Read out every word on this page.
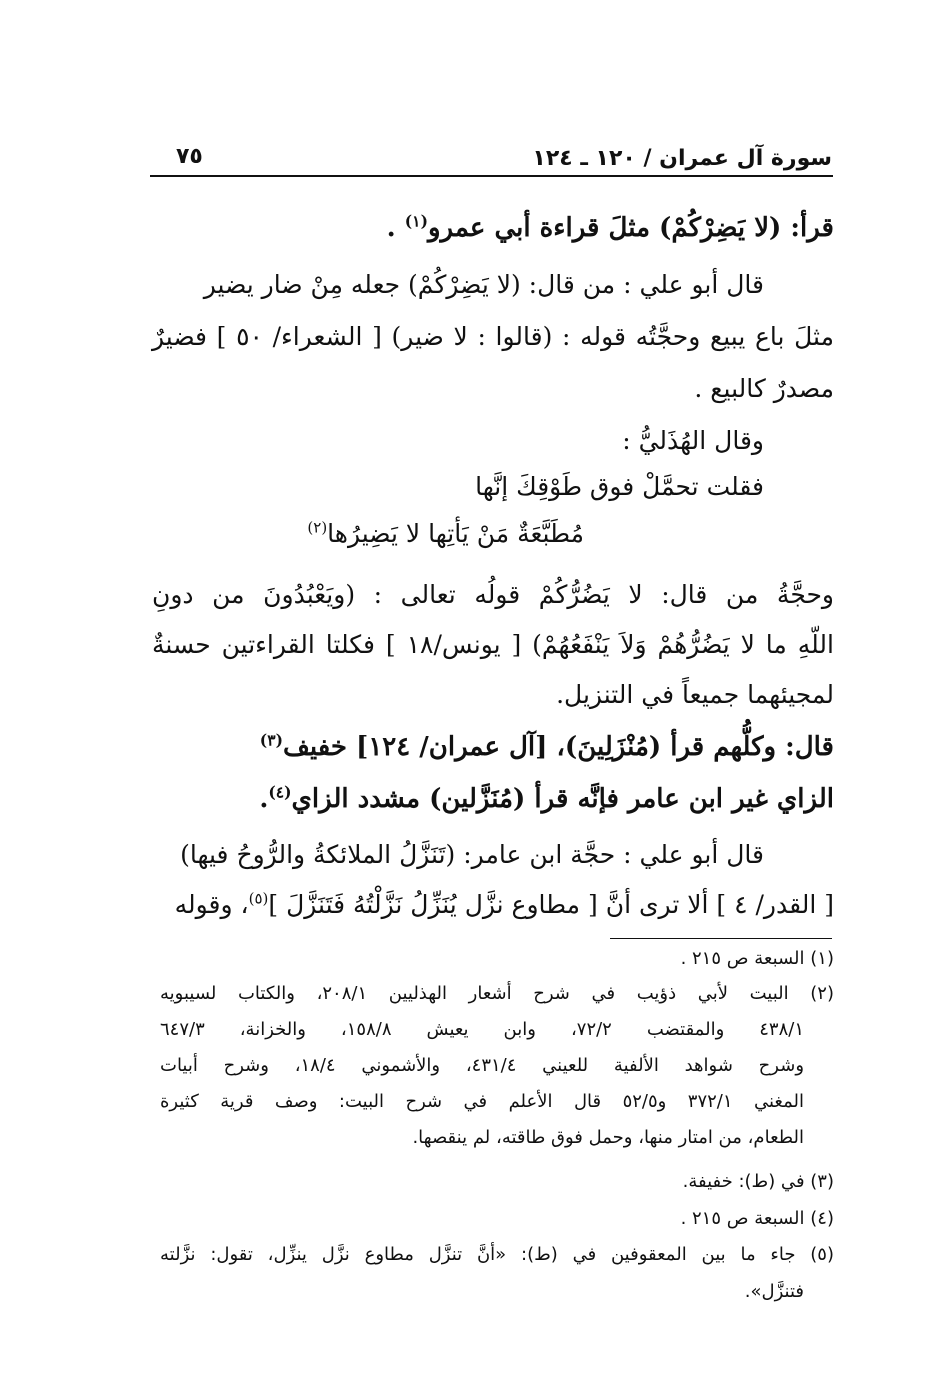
سورة آل عمران / ١٢٠ ـ ١٢٤
٧٥
قرأ: (لا يَضِرْكُمْ) مثلَ قراءة أبي عمرو$^{(١)}$ .
قال أبو علي : من قال: (لا يَضِرْكُمْ) جعله مِنْ ضار يضير
مثلَ باع يبيع وحجَّتُه قوله : (قالوا : لا ضير) [ الشعراء/ ٥٠ ] فضيرٌ
مصدرٌ كالبيع .
وقال الهُذَليُّ :
فقلت تحمَّلْ فوق طَوْقِكَ إنَّها
مُطَبَّعَةٌ مَنْ يَأتِها لا يَضِيرُها$^{(٢)}$
وحجَّةُ من قال: لا يَضُرُّكُمْ قولُه تعالى : (ويَعْبُدُونَ من دونِ
اللّهِ ما لا يَضُرُّهُمْ وَلاَ يَنْفَعُهُمْ) [ يونس/١٨ ] فكلتا القراءتين حسنةٌ
لمجيئهما جميعاً في التنزيل.
قال: وكلُّهم قرأ (مُنْزَلِينَ)، [آل عمران/ ١٢٤] خفيف$^{(٣)}$
الزاي غير ابن عامر فإنَّه قرأ (مُنَزَّلين) مشدد الزاي$^{(٤)}$.
قال أبو علي : حجَّة ابن عامر: (تَنَزَّلُ الملائكةُ والرُّوحُ فيها)
[ القدر/ ٤ ] ألا ترى أنَّ [ مطاوع نزَّل يُنَزِّلُ نَزَّلْتُهُ فَتَنَزَّلَ ]$^{(٥)}$، وقوله
(١) السبعة ص ٢١٥ .
(٢) البيت لأبي ذؤيب في شرح أشعار الهذليين ٢٠٨/١، والكتاب لسيبويه
٤٣٨/١ والمقتضب ٧٢/٢، وابن يعيش ١٥٨/٨، والخزانة، ٦٤٧/٣
وشرح شواهد الألفية للعيني ٤٣١/٤، والأشموني ١٨/٤، وشرح أبيات
المغني ٣٧٢/١ و٥٢/٥ قال الأعلم في شرح البيت: وصف قرية كثيرة
الطعام، من امتار منها، وحمل فوق طاقته، لم ينقصها.
(٣) في (ط): خفيفة.
(٤) السبعة ص ٢١٥ .
(٥) جاء ما بين المعقوفين في (ط): «أنَّ تنزَّل مطاوع نزَّل ينزِّل، تقول: نزَّلته
فتنزَّل».
